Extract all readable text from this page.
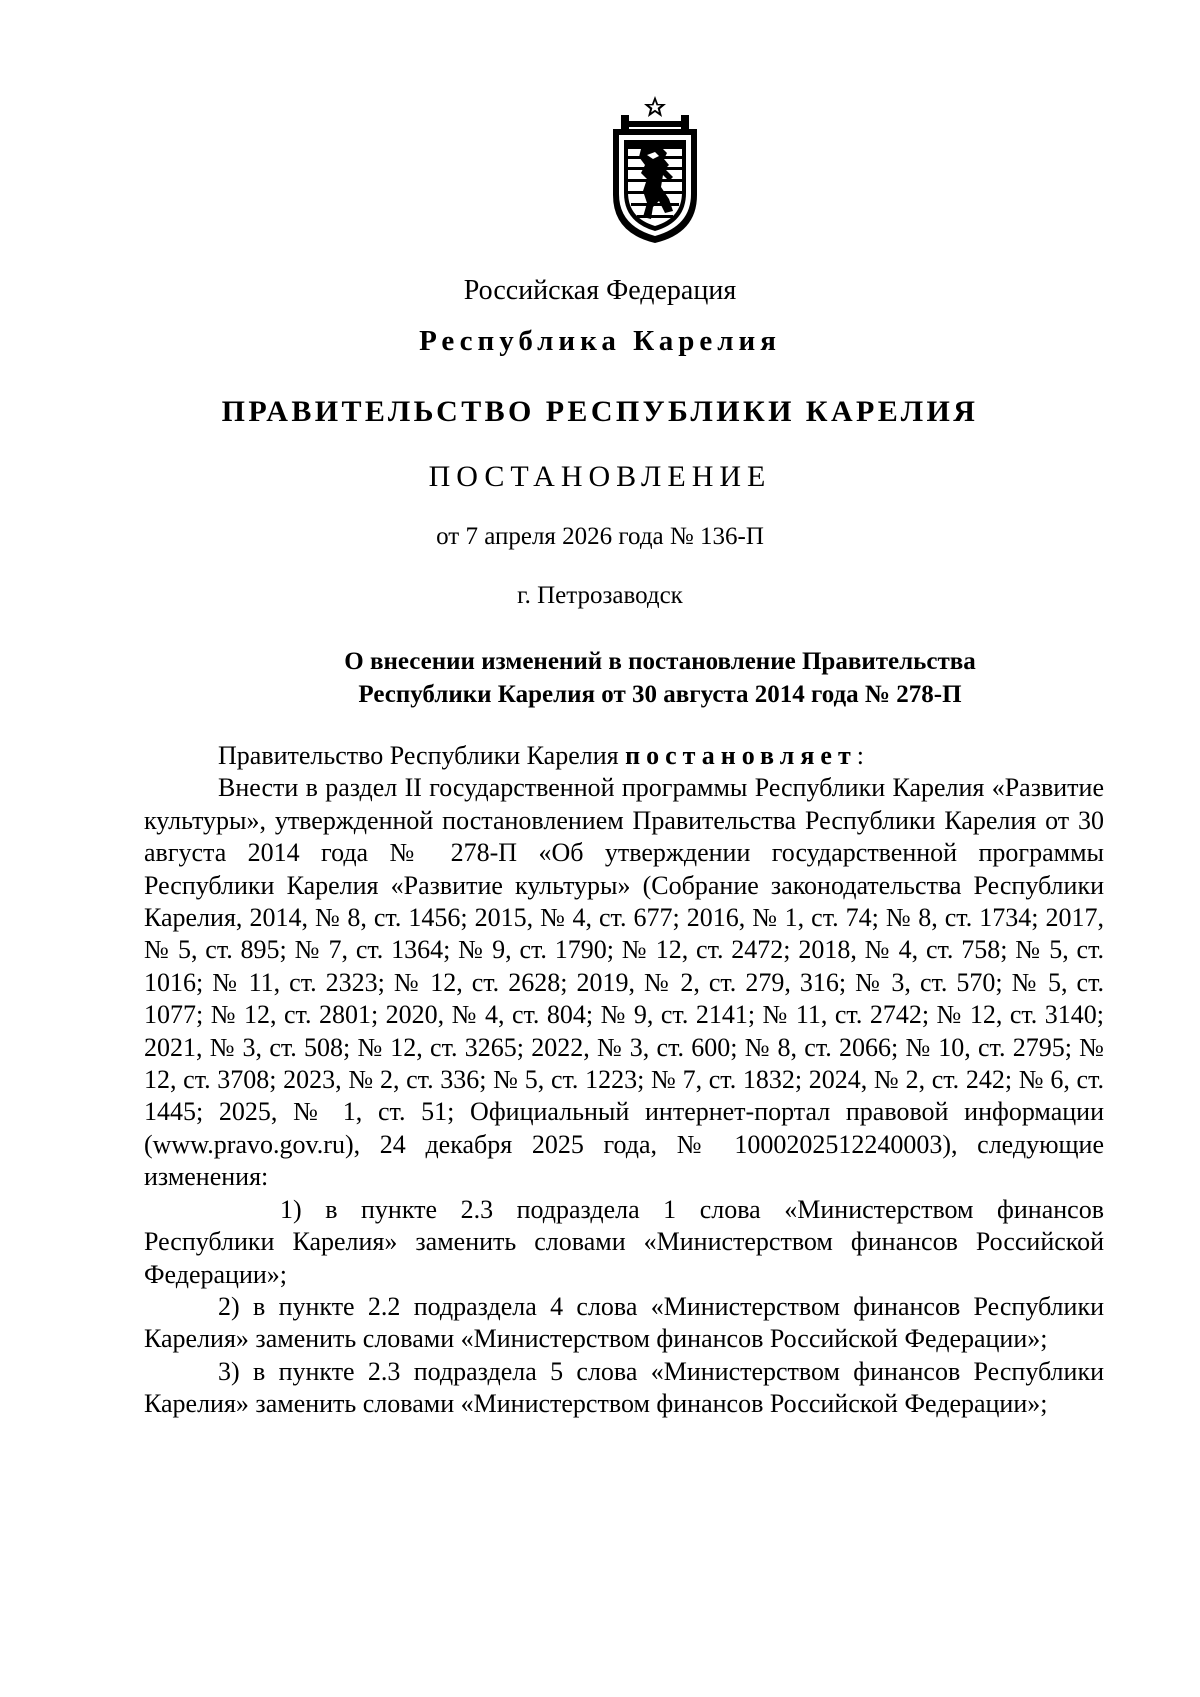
Российская Федерация
Республика Карелия
ПРАВИТЕЛЬСТВО РЕСПУБЛИКИ КАРЕЛИЯ
ПОСТАНОВЛЕНИЕ
от 7 апреля 2026 года № 136-П
г. Петрозаводск
О внесении изменений в постановление Правительства
Республики Карелия от 30 августа 2014 года № 278-П

Правительство Республики Карелия постановляет:

Внести в раздел II государственной программы Республики Карелия «Развитие культуры», утвержденной постановлением Правительства Республики Карелия от 30 августа 2014 года № 278-П «Об утверждении государственной программы Республики Карелия «Развитие культуры» (Собрание законодательства Республики Карелия, 2014, № 8, ст. 1456; 2015, № 4, ст. 677; 2016, № 1, ст. 74; № 8, ст. 1734; 2017, № 5, ст. 895; № 7, ст. 1364; № 9, ст. 1790; № 12, ст. 2472; 2018, № 4, ст. 758; № 5, ст. 1016; № 11, ст. 2323; № 12, ст. 2628; 2019, № 2, ст. 279, 316; № 3, ст. 570; № 5, ст. 1077; № 12, ст. 2801; 2020, № 4, ст. 804; № 9, ст. 2141; № 11, ст. 2742; № 12, ст. 3140; 2021, № 3, ст. 508; № 12, ст. 3265; 2022, № 3, ст. 600; № 8, ст. 2066; № 10, ст. 2795; № 12, ст. 3708; 2023, № 2, ст. 336; № 5, ст. 1223; № 7, ст. 1832; 2024, № 2, ст. 242; № 6, ст. 1445; 2025, № 1, ст. 51; Официальный интернет-портал правовой информации (www.pravo.gov.ru), 24 декабря 2025 года, № 1000202512240003), следующие изменения:

1) в пункте 2.3 подраздела 1 слова «Министерством финансов Республики Карелия» заменить словами «Министерством финансов Российской Федерации»;

2) в пункте 2.2 подраздела 4 слова «Министерством финансов Республики Карелия» заменить словами «Министерством финансов Российской Федерации»;

3) в пункте 2.3 подраздела 5 слова «Министерством финансов Республики Карелия» заменить словами «Министерством финансов Российской Федерации»;
